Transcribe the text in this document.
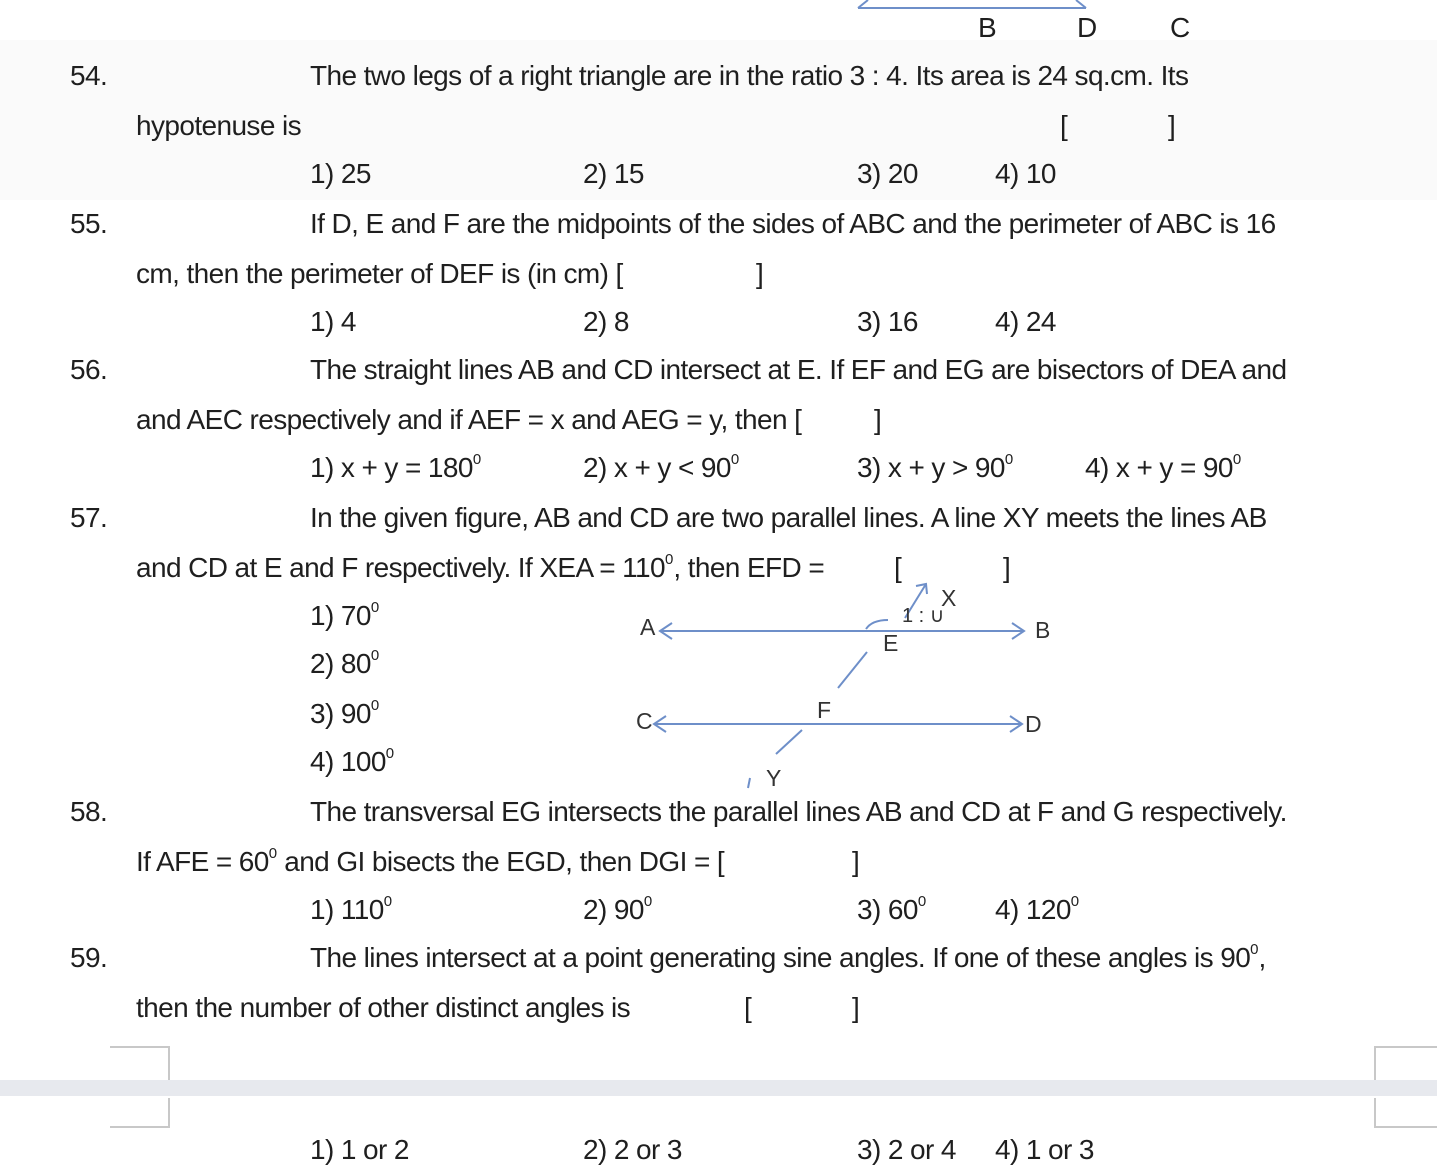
B	D	C
54.	The two legs of a right triangle are in the ratio 3 : 4. Its area is 24 sq.cm. Its
hypotenuse is	[	]
1) 25	2) 15	3) 20	4) 10
55.	If D, E and F are the midpoints of the sides of ABC and the perimeter of ABC is 16
cm, then the perimeter of DEF is (in cm) [	]
1) 4	2) 8	3) 16	4) 24
56.	The straight lines AB and CD intersect at E. If EF and EG are bisectors of DEA and
and AEC respectively and if AEF = x and AEG = y, then [	]
1) $x + y = 180^0$	2) $x + y < 90^0$	3) $x + y > 90^0$	4) $x + y = 90^0$
57.	In the given figure, AB and CD are two parallel lines. A line XY meets the lines AB
and CD at E and F respectively. If XEA = $110^0$, then EFD = [	]
1) $70^0$
2) $80^0$
3) $90^0$
4) $100^0$
A	B
C	D
E
F
X
Y
1 : ∪
58.	The transversal EG intersects the parallel lines AB and CD at F and G respectively.
If AFE = $60^0$ and GI bisects the EGD, then DGI = [	]
1) $110^0$	2) $90^0$	3) $60^0$ 4) $120^0$
59.	The lines intersect at a point generating sine angles. If one of these angles is $90^0$,
then the number of other distinct angles is	[	]
1) 1 or 2	2) 2 or 3	3) 2 or 4 4) 1 or 3
